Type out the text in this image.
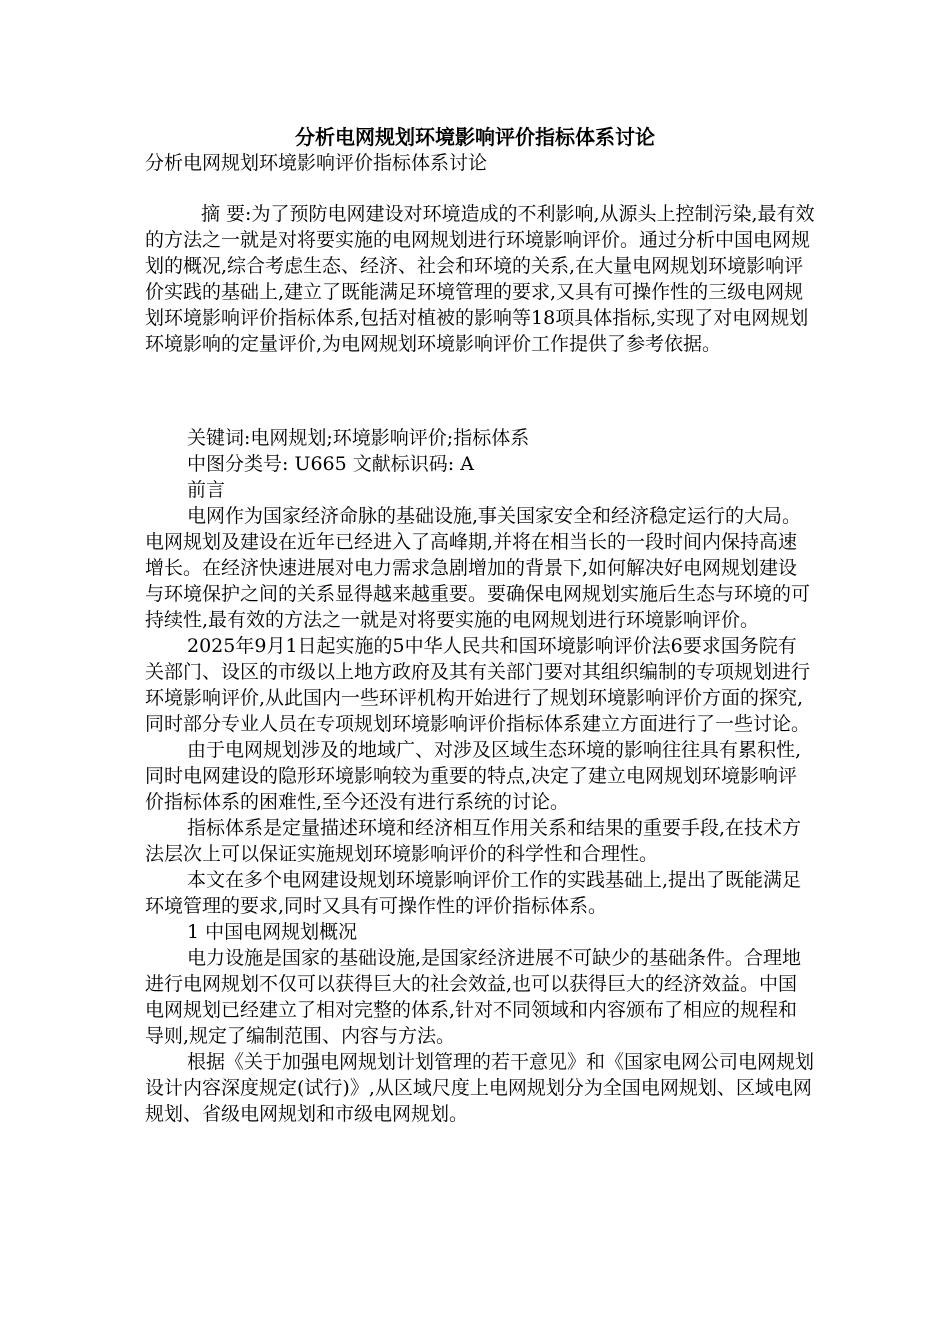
分析电网规划环境影响评价指标体系讨论
分析电网规划环境影响评价指标体系讨论

摘 要:为了预防电网建设对环境造成的不利影响,从源头上控制污染,最有效的方法之一就是对将要实施的电网规划进行环境影响评价。通过分析中国电网规划的概况,综合考虑生态、经济、社会和环境的关系,在大量电网规划环境影响评价实践的基础上,建立了既能满足环境管理的要求,又具有可操作性的三级电网规划环境影响评价指标体系,包括对植被的影响等18项具体指标,实现了对电网规划环境影响的定量评价,为电网规划环境影响评价工作提供了参考依据。

关键词:电网规划;环境影响评价;指标体系

中图分类号: U665 文献标识码: A

前言

电网作为国家经济命脉的基础设施,事关国家安全和经济稳定运行的大局。电网规划及建设在近年已经进入了高峰期,并将在相当长的一段时间内保持高速增长。在经济快速进展对电力需求急剧增加的背景下,如何解决好电网规划建设与环境保护之间的关系显得越来越重要。要确保电网规划实施后生态与环境的可持续性,最有效的方法之一就是对将要实施的电网规划进行环境影响评价。

2025年9月1日起实施的5中华人民共和国环境影响评价法6要求国务院有关部门、设区的市级以上地方政府及其有关部门要对其组织编制的专项规划进行环境影响评价,从此国内一些环评机构开始进行了规划环境影响评价方面的探究,同时部分专业人员在专项规划环境影响评价指标体系建立方面进行了一些讨论。

由于电网规划涉及的地域广、对涉及区域生态环境的影响往往具有累积性,同时电网建设的隐形环境影响较为重要的特点,决定了建立电网规划环境影响评价指标体系的困难性,至今还没有进行系统的讨论。

指标体系是定量描述环境和经济相互作用关系和结果的重要手段,在技术方法层次上可以保证实施规划环境影响评价的科学性和合理性。

本文在多个电网建设规划环境影响评价工作的实践基础上,提出了既能满足环境管理的要求,同时又具有可操作性的评价指标体系。

1 中国电网规划概况

电力设施是国家的基础设施,是国家经济进展不可缺少的基础条件。合理地进行电网规划不仅可以获得巨大的社会效益,也可以获得巨大的经济效益。中国电网规划已经建立了相对完整的体系,针对不同领域和内容颁布了相应的规程和导则,规定了编制范围、内容与方法。

根据《关于加强电网规划计划管理的若干意见》和《国家电网公司电网规划设计内容深度规定(试行)》,从区域尺度上电网规划分为全国电网规划、区域电网规划、省级电网规划和市级电网规划。
